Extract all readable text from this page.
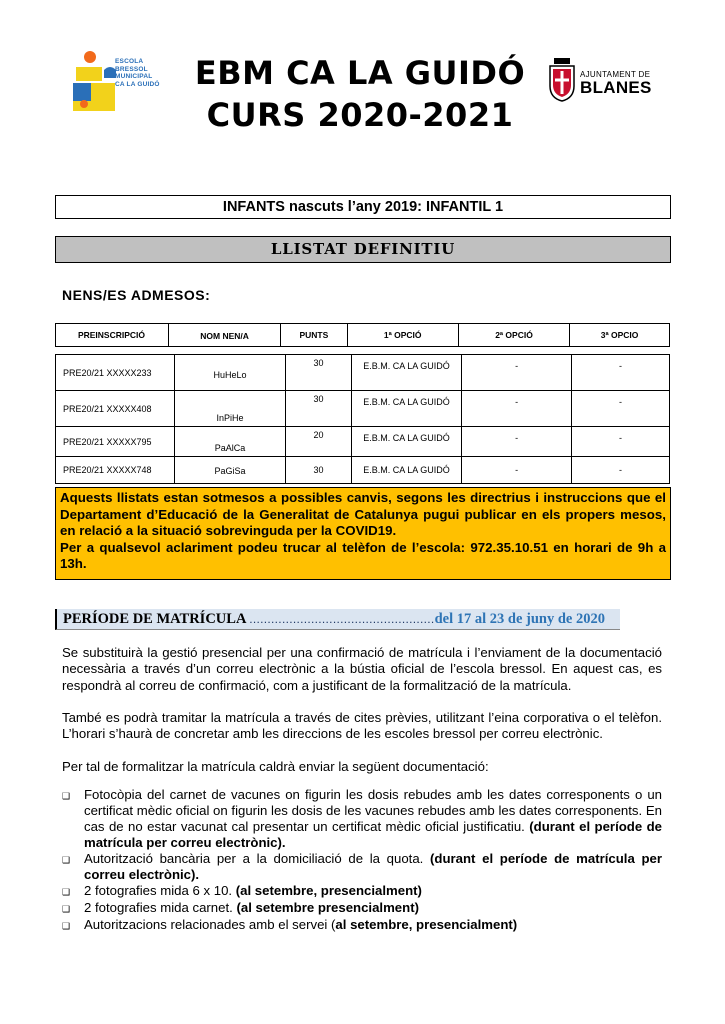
ESCOLA
BRESSOL
MUNICIPAL
CA LA GUIDÓ	EBM CA LA GUIDÓ
CURS 2020-2021
AJUNTAMENT DE
BLANES
INFANTS nascuts l’any 2019: INFANTIL 1
LLISTAT DEFINITIU
NENS/ES ADMESOS:
PREINSCRIPCIÓ	NOM NEN/A	PUNTS	1ª OPCIÓ	2ª OPCIÓ	3ª OPCIO
PRE20/21 XXXXX233	HuHeLo	30	E.B.M. CA LA GUIDÓ	-	-
PRE20/21 XXXXX408	InPiHe	30	E.B.M. CA LA GUIDÓ	-	-
PRE20/21 XXXXX795	PaAlCa	20	E.B.M. CA LA GUIDÓ	-	-
PRE20/21 XXXXX748	PaGiSa	30	E.B.M. CA LA GUIDÓ	-	-

Aquests llistats estan sotmesos a possibles canvis, segons les directrius i instruccions que el Departament d’Educació de la Generalitat de Catalunya pugui publicar en els propers mesos, en relació a la situació sobrevinguda per la COVID19.

Per a qualsevol aclariment podeu trucar al telèfon de l’escola: 972.35.10.51 en horari de 9h a 13h.

PERÍODE DE MATRÍCULA ...................................................del 17 al 23 de juny de 2020

Se substituirà la gestió presencial per una confirmació de matrícula i l’enviament de la documentació necessària a través d’un correu electrònic a la bústia oficial de l’escola bressol. En aquest cas, es respondrà al correu de confirmació, com a justificant de la formalització de la matrícula.

També es podrà tramitar la matrícula a través de cites prèvies, utilitzant l’eina corporativa o el telèfon. L’horari s’haurà de concretar amb les direccions de les escoles bressol per correu electrònic.

Per tal de formalitzar la matrícula caldrà enviar la següent documentació:

❑	Fotocòpia del carnet de vacunes on figurin les dosis rebudes amb les dates corresponents o un certificat mèdic oficial on figurin les dosis de les vacunes rebudes amb les dates corresponents. En cas de no estar vacunat cal presentar un certificat mèdic oficial justificatiu. (durant el període de matrícula per correu electrònic).
❑	Autorització bancària per a la domiciliació de la quota. (durant el període de matrícula per correu electrònic).
❑	2 fotografies mida 6 x 10. (al setembre, presencialment)
❑	2 fotografies mida carnet. (al setembre presencialment)
❑	Autoritzacions relacionades amb el servei (al setembre, presencialment)
